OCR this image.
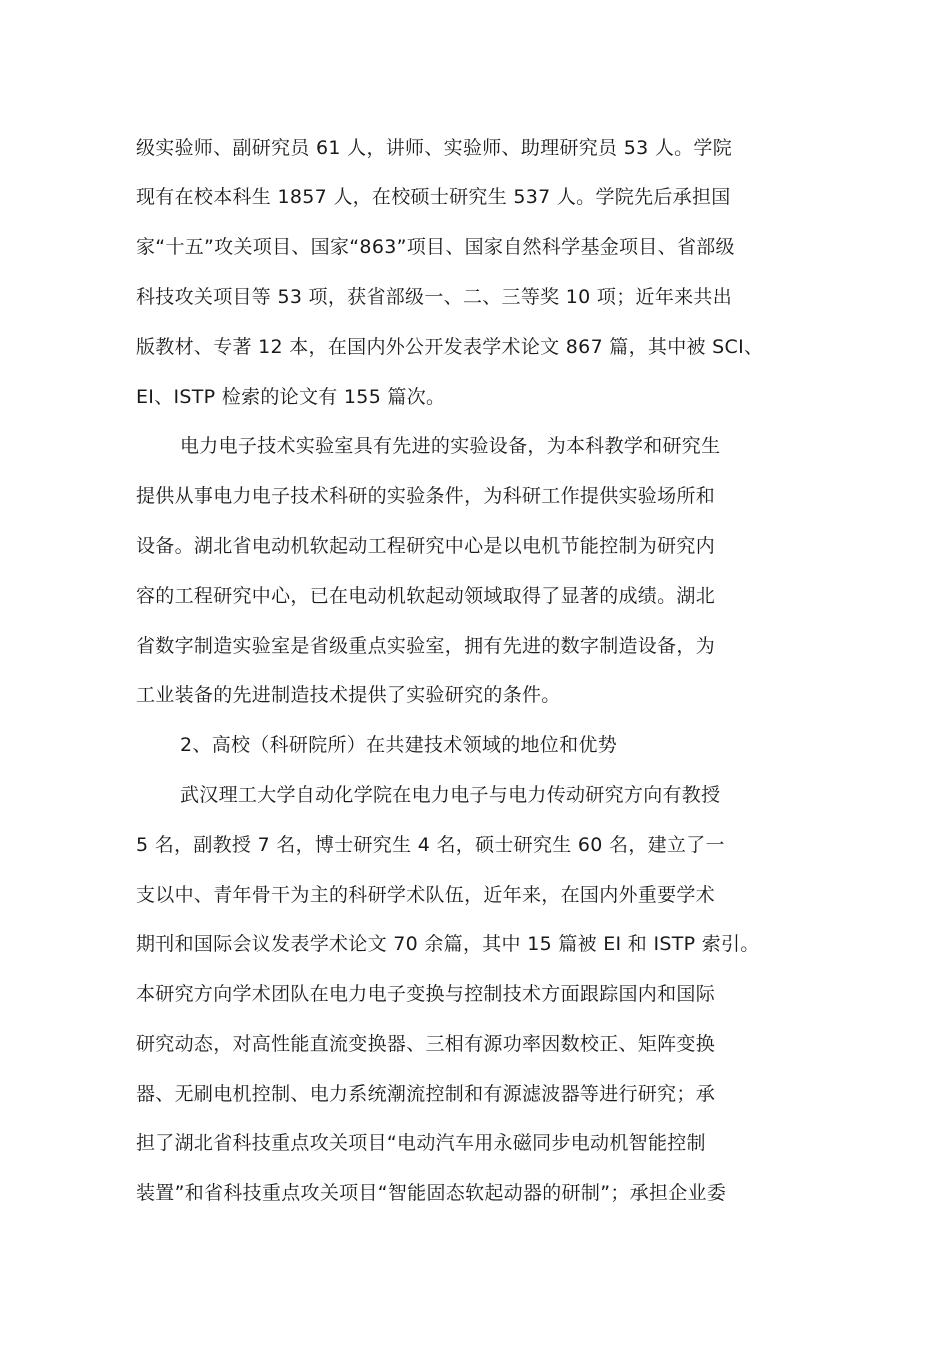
级实验师、副研究员 61 人，讲师、实验师、助理研究员 53 人。学院
现有在校本科生 1857 人，在校硕士研究生 537 人。学院先后承担国
家“十五”攻关项目、国家“863”项目、国家自然科学基金项目、省部级
科技攻关项目等 53 项，获省部级一、二、三等奖 10 项；近年来共出
版教材、专著 12 本，在国内外公开发表学术论文 867 篇，其中被 SCI、
EI、ISTP 检索的论文有 155 篇次。
电力电子技术实验室具有先进的实验设备，为本科教学和研究生
提供从事电力电子技术科研的实验条件，为科研工作提供实验场所和
设备。湖北省电动机软起动工程研究中心是以电机节能控制为研究内
容的工程研究中心，已在电动机软起动领域取得了显著的成绩。湖北
省数字制造实验室是省级重点实验室，拥有先进的数字制造设备，为
工业装备的先进制造技术提供了实验研究的条件。
2、高校（科研院所）在共建技术领域的地位和优势
武汉理工大学自动化学院在电力电子与电力传动研究方向有教授
5 名，副教授 7 名，博士研究生 4 名，硕士研究生 60 名，建立了一
支以中、青年骨干为主的科研学术队伍，近年来，在国内外重要学术
期刊和国际会议发表学术论文 70 余篇，其中 15 篇被 EI 和 ISTP 索引。
本研究方向学术团队在电力电子变换与控制技术方面跟踪国内和国际
研究动态，对高性能直流变换器、三相有源功率因数校正、矩阵变换
器、无刷电机控制、电力系统潮流控制和有源滤波器等进行研究；承
担了湖北省科技重点攻关项目“电动汽车用永磁同步电动机智能控制
装置”和省科技重点攻关项目“智能固态软起动器的研制”；承担企业委
